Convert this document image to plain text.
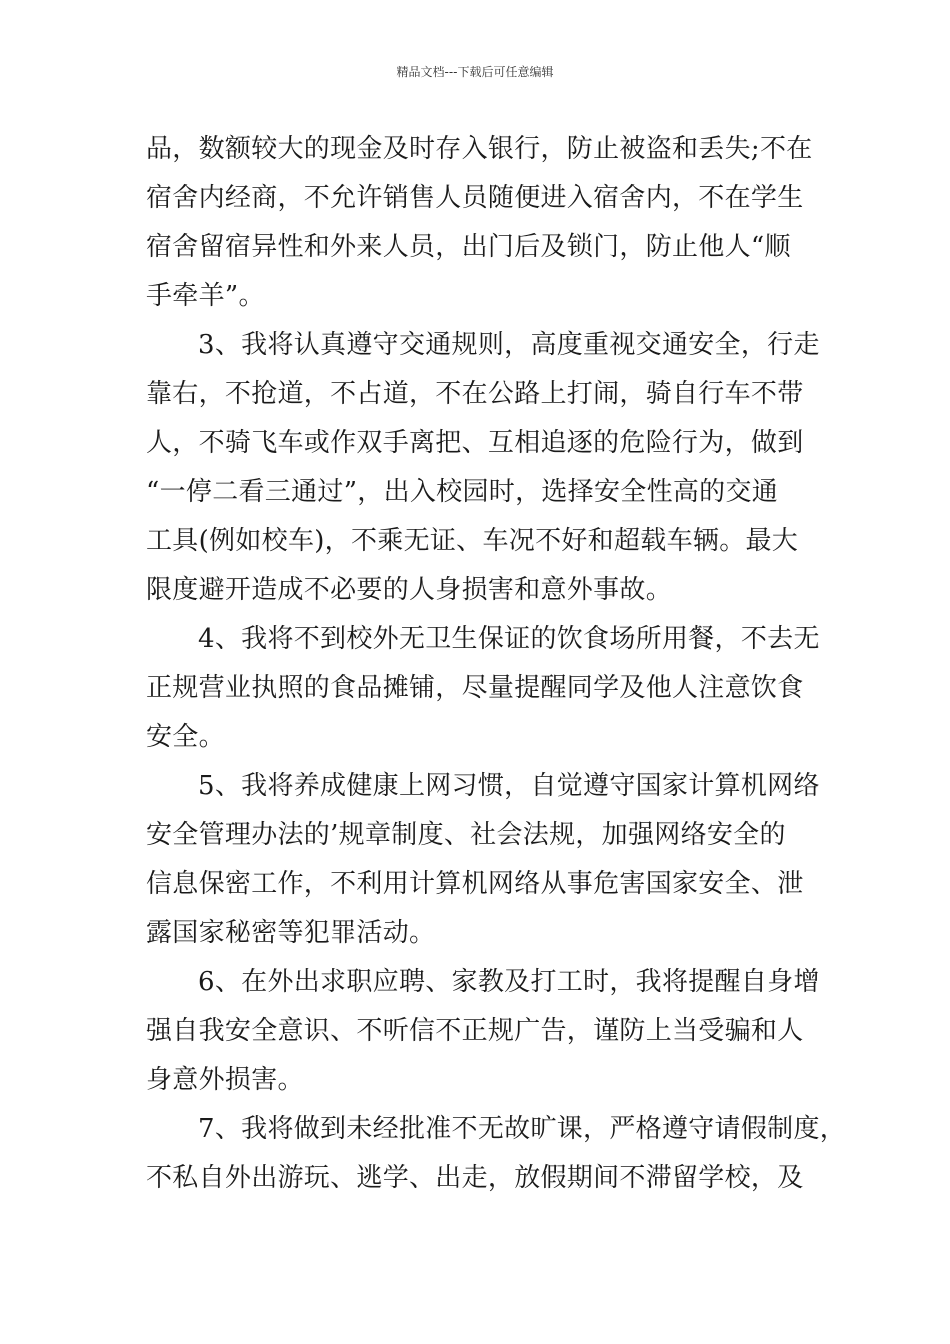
精品文档---下载后可任意编辑
品，数额较大的现金及时存入银行，防止被盗和丢失;不在
宿舍内经商，不允许销售人员随便进入宿舍内，不在学生
宿舍留宿异性和外来人员，出门后及锁门，防止他人“顺
手牵羊”。
3、我将认真遵守交通规则，高度重视交通安全，行走
靠右，不抢道，不占道，不在公路上打闹，骑自行车不带
人，不骑飞车或作双手离把、互相追逐的危险行为，做到
“一停二看三通过”，出入校园时，选择安全性高的交通
工具(例如校车)，不乘无证、车况不好和超载车辆。最大
限度避开造成不必要的人身损害和意外事故。
4、我将不到校外无卫生保证的饮食场所用餐，不去无
正规营业执照的食品摊铺，尽量提醒同学及他人注意饮食
安全。
5、我将养成健康上网习惯，自觉遵守国家计算机网络
安全管理办法的’规章制度、社会法规，加强网络安全的
信息保密工作，不利用计算机网络从事危害国家安全、泄
露国家秘密等犯罪活动。
6、在外出求职应聘、家教及打工时，我将提醒自身增
强自我安全意识、不听信不正规广告，谨防上当受骗和人
身意外损害。
7、我将做到未经批准不无故旷课，严格遵守请假制度，
不私自外出游玩、逃学、出走，放假期间不滞留学校，及
